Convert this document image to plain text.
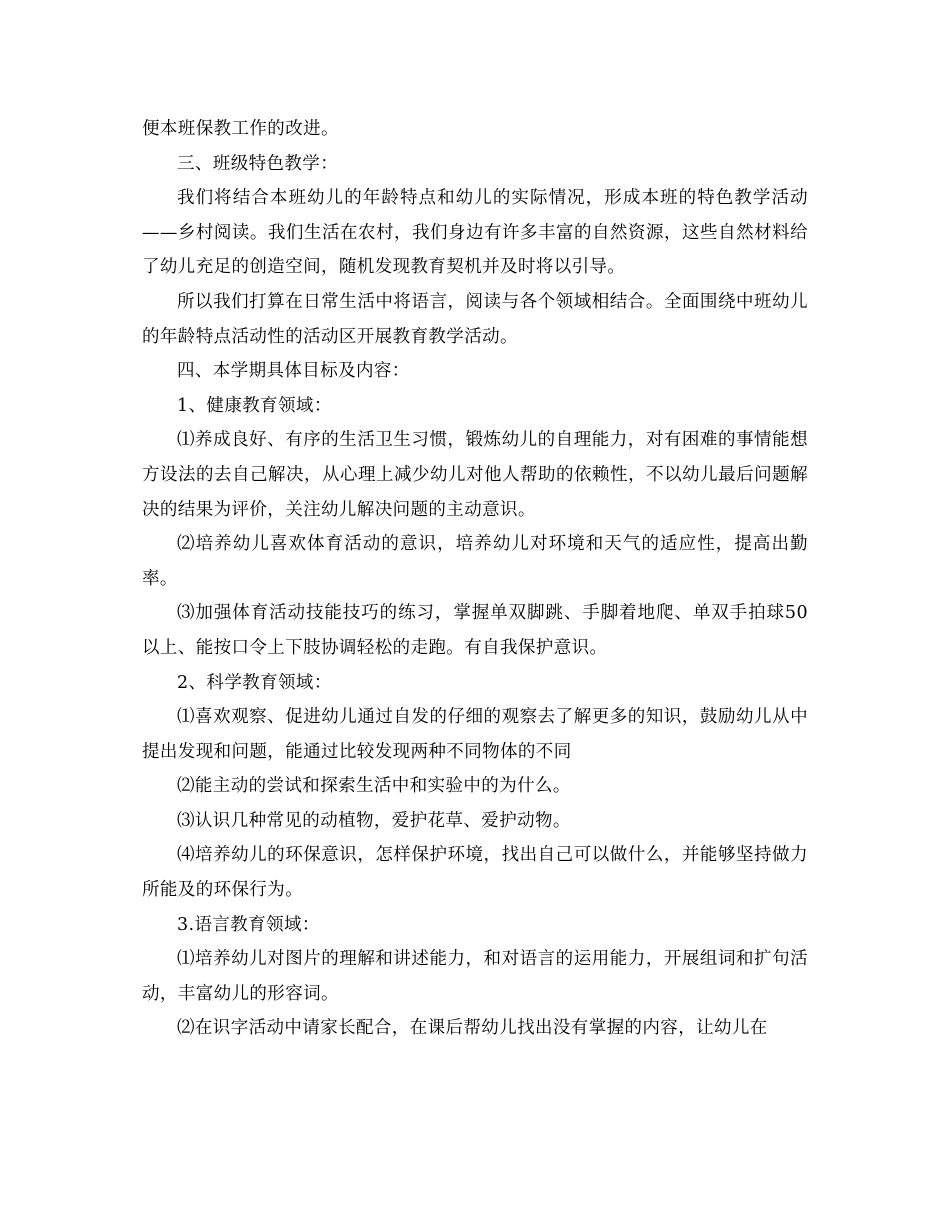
便本班保教工作的改进。

三、班级特色教学：

我们将结合本班幼儿的年龄特点和幼儿的实际情况，形成本班的特色教学活动——乡村阅读。我们生活在农村，我们身边有许多丰富的自然资源，这些自然材料给了幼儿充足的创造空间，随机发现教育契机并及时将以引导。

所以我们打算在日常生活中将语言，阅读与各个领域相结合。全面围绕中班幼儿的年龄特点活动性的活动区开展教育教学活动。

四、本学期具体目标及内容：

1、健康教育领域：

⑴养成良好、有序的生活卫生习惯，锻炼幼儿的自理能力，对有困难的事情能想方设法的去自己解决，从心理上减少幼儿对他人帮助的依赖性，不以幼儿最后问题解决的结果为评价，关注幼儿解决问题的主动意识。

⑵培养幼儿喜欢体育活动的意识，培养幼儿对环境和天气的适应性，提高出勤率。

⑶加强体育活动技能技巧的练习，掌握单双脚跳、手脚着地爬、单双手拍球50以上、能按口令上下肢协调轻松的走跑。有自我保护意识。

2、科学教育领域：

⑴喜欢观察、促进幼儿通过自发的仔细的观察去了解更多的知识，鼓励幼儿从中提出发现和问题，能通过比较发现两种不同物体的不同

⑵能主动的尝试和探索生活中和实验中的为什么。

⑶认识几种常见的动植物，爱护花草、爱护动物。

⑷培养幼儿的环保意识，怎样保护环境，找出自己可以做什么，并能够坚持做力所能及的环保行为。

3.语言教育领域：

⑴培养幼儿对图片的理解和讲述能力，和对语言的运用能力，开展组词和扩句活动，丰富幼儿的形容词。

⑵在识字活动中请家长配合，在课后帮幼儿找出没有掌握的内容，让幼儿在
